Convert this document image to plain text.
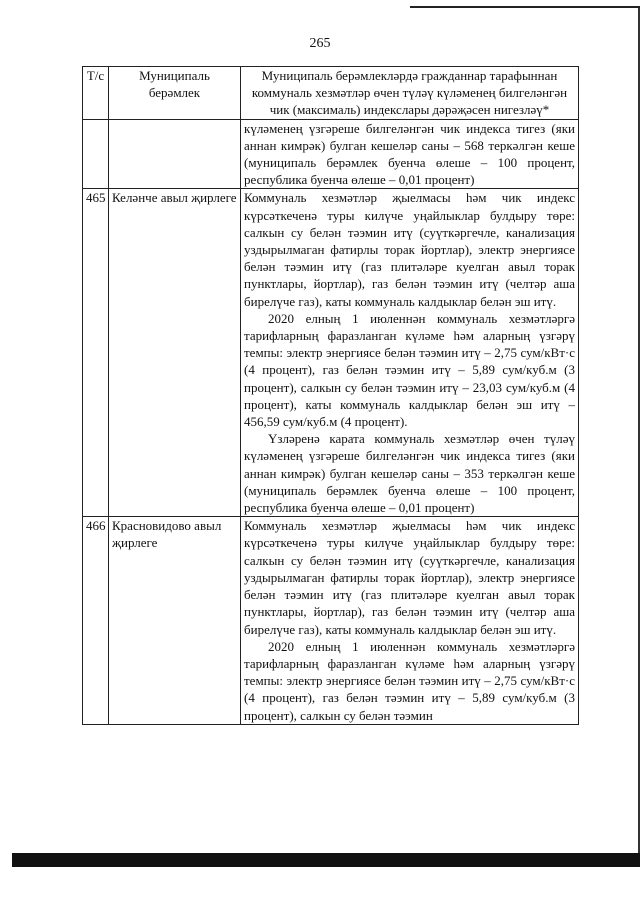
265
Т/с	Муниципаль берәмлек	Муниципаль берәмлекләрдә гражданнар тарафыннан коммуналь хезмәтләр өчен түләү күләменең билгеләнгән чик (максималь) индекслары дәрәҗәсен нигезләү*

		күләменең үзгәреше билгеләнгән чик индекса тигез (яки аннан кимрәк) булган кешеләр саны – 568 теркәлгән кеше (муниципаль берәмлек буенча өлеше – 100 процент, республика буенча өлеше – 0,01 процент)

465	Келәнче авыл җирлеге	Коммуналь хезмәтләр җыелмасы һәм чик индекс күрсәткеченә туры килүче уңайлыклар булдыру төре: салкын су белән тәэмин итү (суүткәргечле, канализация уздырылмаган фатирлы торак йортлар), электр энергиясе белән тәэмин итү (газ плитәләре куелган авыл торак пунктлары, йортлар), газ белән тәэмин итү (челтәр аша бирелүче газ), каты коммуналь калдыклар белән эш итү.

2020 елның 1 июленнән коммуналь хезмәтләргә тарифларның фаразланган күләме һәм аларның үзгәрү темпы: электр энергиясе белән тәэмин итү – 2,75 сум/кВт·с (4 процент), газ белән тәэмин итү – 5,89 сум/куб.м (3 процент), салкын су белән тәэмин итү – 23,03 сум/куб.м (4 процент), каты коммуналь калдыклар белән эш итү – 456,59 сум/куб.м (4 процент).

Үзләренә карата коммуналь хезмәтләр өчен түләү күләменең үзгәреше билгеләнгән чик индекса тигез (яки аннан кимрәк) булган кешеләр саны – 353 теркәлгән кеше (муниципаль берәмлек буенча өлеше – 100 процент, республика буенча өлеше – 0,01 процент)

466	Красновидово авыл җирлеге	Коммуналь хезмәтләр җыелмасы һәм чик индекс күрсәткеченә туры килүче уңайлыклар булдыру төре: салкын су белән тәэмин итү (суүткәргечле, канализация уздырылмаган фатирлы торак йортлар), электр энергиясе белән тәэмин итү (газ плитәләре куелган авыл торак пунктлары, йортлар), газ белән тәэмин итү (челтәр аша бирелүче газ), каты коммуналь калдыклар белән эш итү.

2020 елның 1 июленнән коммуналь хезмәтләргә тарифларның фаразланган күләме һәм аларның үзгәрү темпы: электр энергиясе белән тәэмин итү – 2,75 сум/кВт·с (4 процент), газ белән тәэмин итү – 5,89 сум/куб.м (3 процент), салкын су белән тәэмин
